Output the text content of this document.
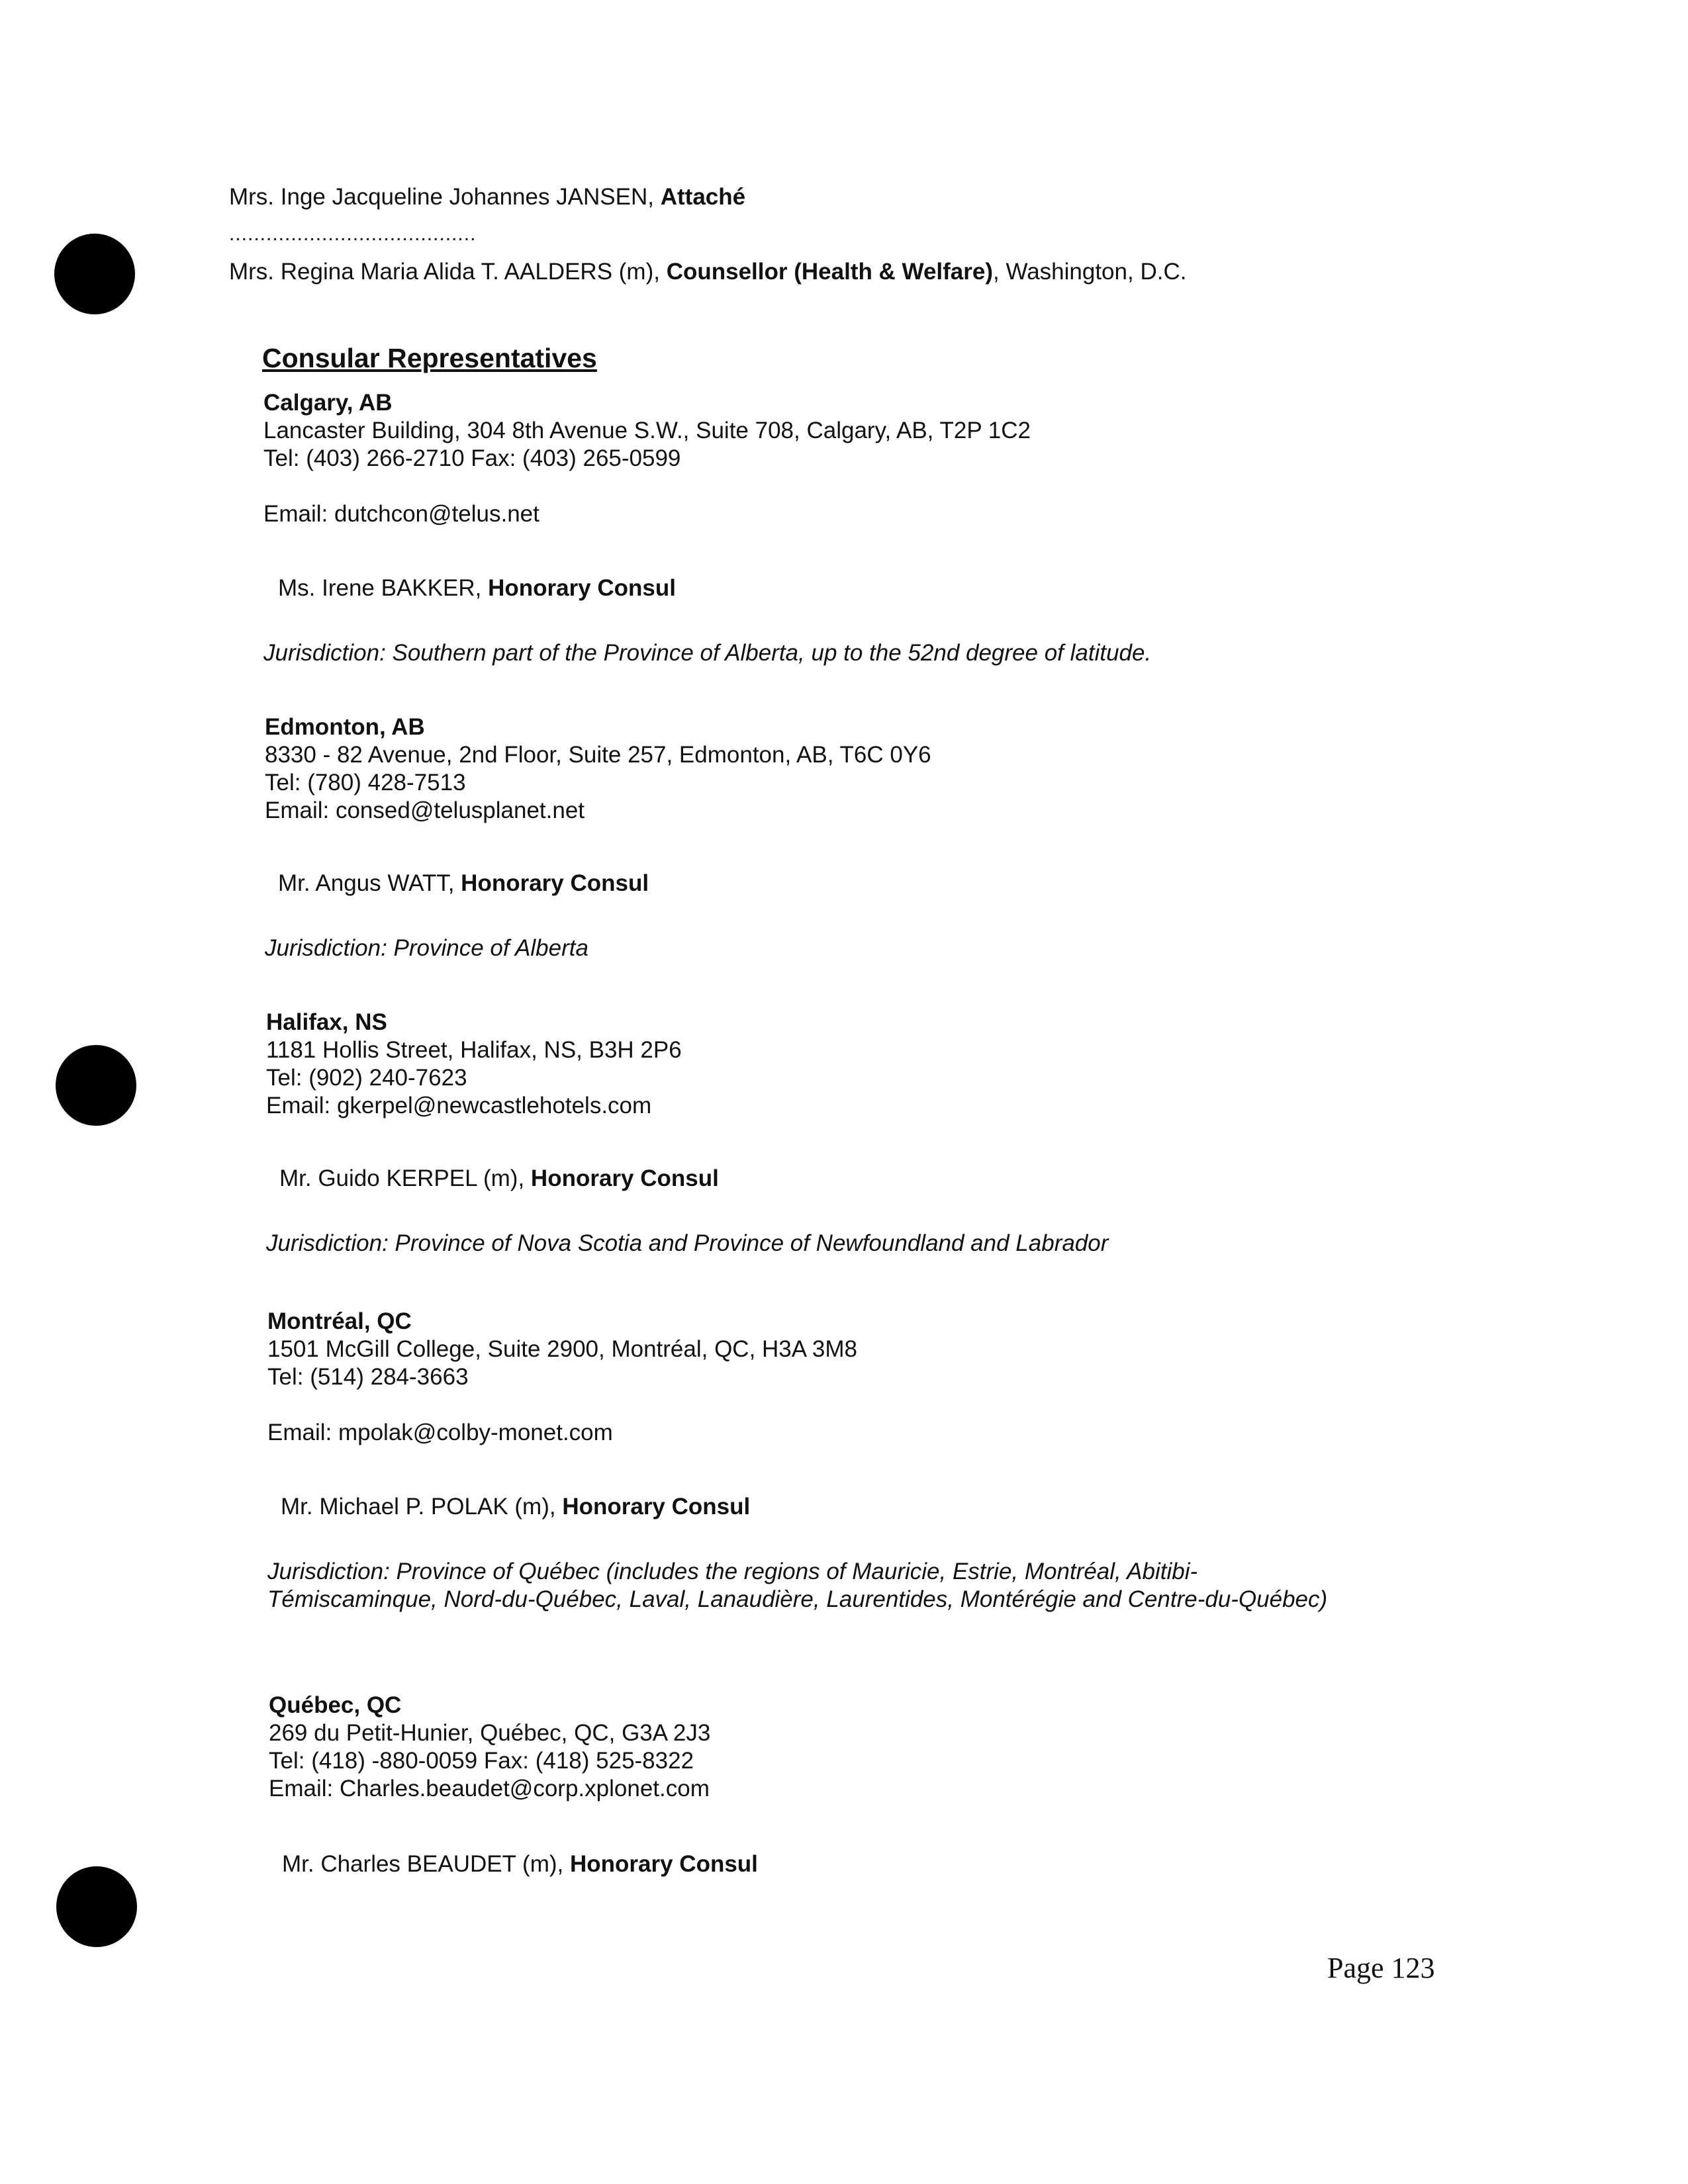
Mrs. Inge Jacqueline Johannes JANSEN, Attaché
........................................
Mrs. Regina Maria Alida T. AALDERS (m), Counsellor (Health & Welfare), Washington, D.C.
Consular Representatives
Calgary, AB
Lancaster Building, 304 8th Avenue S.W., Suite 708, Calgary, AB, T2P 1C2
Tel: (403) 266-2710 Fax: (403) 265-0599
Email: dutchcon@telus.net
Ms. Irene BAKKER, Honorary Consul
Jurisdiction: Southern part of the Province of Alberta, up to the 52nd degree of latitude.
Edmonton, AB
8330 - 82 Avenue, 2nd Floor, Suite 257, Edmonton, AB, T6C 0Y6
Tel: (780) 428-7513
Email: consed@telusplanet.net
Mr. Angus WATT, Honorary Consul
Jurisdiction: Province of Alberta
Halifax, NS
1181 Hollis Street, Halifax, NS, B3H 2P6
Tel: (902) 240-7623
Email: gkerpel@newcastlehotels.com
Mr. Guido KERPEL (m), Honorary Consul
Jurisdiction: Province of Nova Scotia and Province of Newfoundland and Labrador
Montréal, QC
1501 McGill College, Suite 2900, Montréal, QC, H3A 3M8
Tel: (514) 284-3663
Email: mpolak@colby-monet.com
Mr. Michael P. POLAK (m), Honorary Consul
Jurisdiction: Province of Québec (includes the regions of Mauricie, Estrie, Montréal, Abitibi-Témiscaminque, Nord-du-Québec, Laval, Lanaudière, Laurentides, Montérégie and Centre-du-Québec)
Québec, QC
269 du Petit-Hunier, Québec, QC, G3A 2J3
Tel: (418) -880-0059 Fax: (418) 525-8322
Email: Charles.beaudet@corp.xplonet.com
Mr. Charles BEAUDET (m), Honorary Consul
Page 123
